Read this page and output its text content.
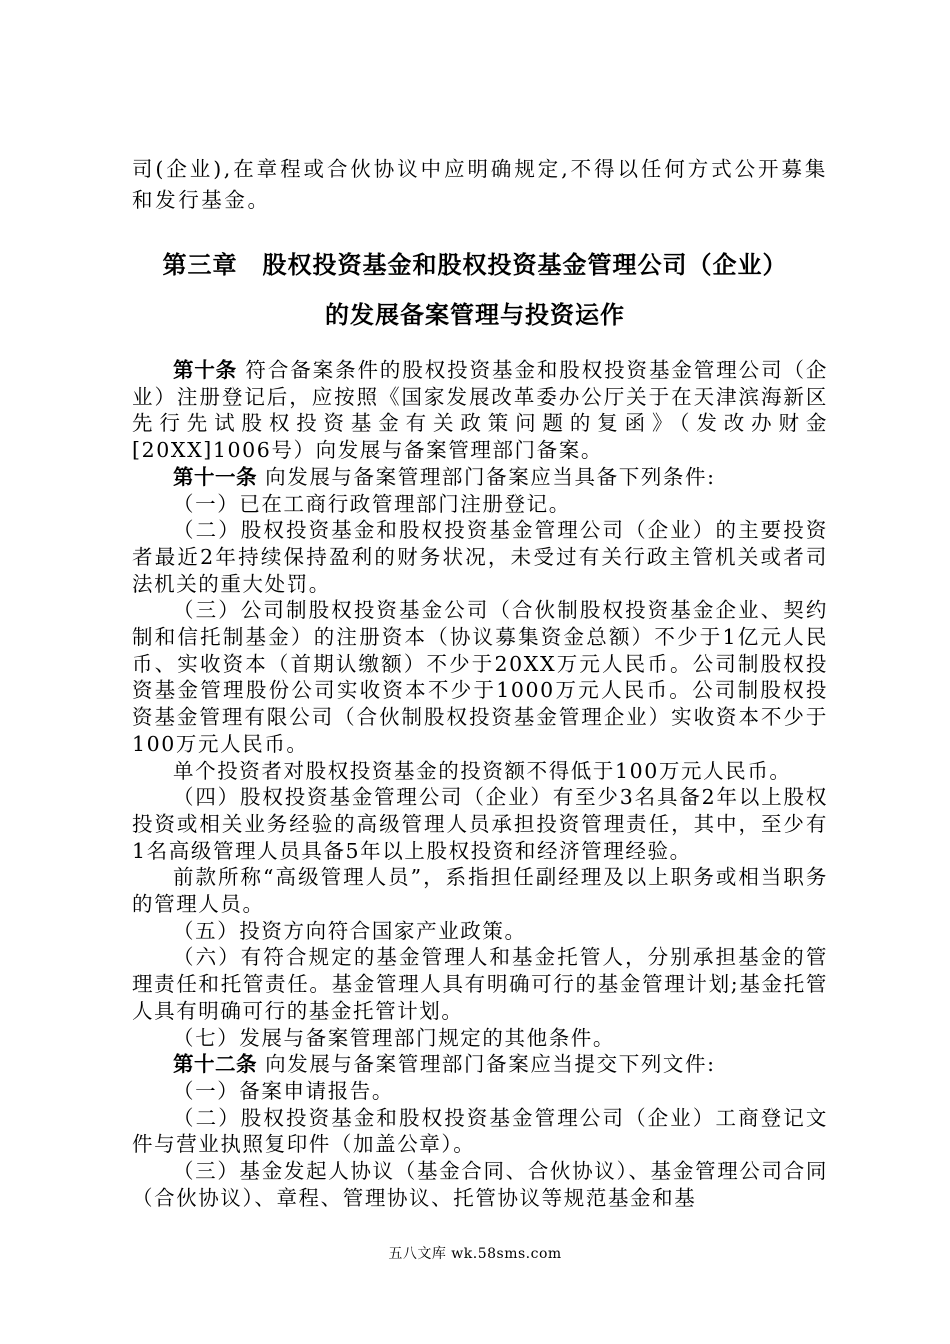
司(企业),在章程或合伙协议中应明确规定,不得以任何方式公开募集和发行基金。

第三章　股权投资基金和股权投资基金管理公司（企业）
的发展备案管理与投资运作

第十条 符合备案条件的股权投资基金和股权投资基金管理公司（企业）注册登记后，应按照《国家发展改革委办公厅关于在天津滨海新区先行先试股权投资基金有关政策问题的复函》（发改办财金[20XX]1006号）向发展与备案管理部门备案。

第十一条 向发展与备案管理部门备案应当具备下列条件:

（一）已在工商行政管理部门注册登记。

（二）股权投资基金和股权投资基金管理公司（企业）的主要投资者最近2年持续保持盈利的财务状况，未受过有关行政主管机关或者司法机关的重大处罚。

（三）公司制股权投资基金公司（合伙制股权投资基金企业、契约制和信托制基金）的注册资本（协议募集资金总额）不少于1亿元人民币、实收资本（首期认缴额）不少于20XX万元人民币。公司制股权投资基金管理股份公司实收资本不少于1000万元人民币。公司制股权投资基金管理有限公司（合伙制股权投资基金管理企业）实收资本不少于100万元人民币。

单个投资者对股权投资基金的投资额不得低于100万元人民币。

（四）股权投资基金管理公司（企业）有至少3名具备2年以上股权投资或相关业务经验的高级管理人员承担投资管理责任，其中，至少有1名高级管理人员具备5年以上股权投资和经济管理经验。

前款所称“高级管理人员”，系指担任副经理及以上职务或相当职务的管理人员。

（五）投资方向符合国家产业政策。

（六）有符合规定的基金管理人和基金托管人，分别承担基金的管理责任和托管责任。基金管理人具有明确可行的基金管理计划;基金托管人具有明确可行的基金托管计划。

（七）发展与备案管理部门规定的其他条件。

第十二条 向发展与备案管理部门备案应当提交下列文件:

（一）备案申请报告。

（二）股权投资基金和股权投资基金管理公司（企业）工商登记文件与营业执照复印件（加盖公章）。

（三）基金发起人协议（基金合同、合伙协议）、基金管理公司合同（合伙协议）、章程、管理协议、托管协议等规范基金和基

五八文库 wk.58sms.com
